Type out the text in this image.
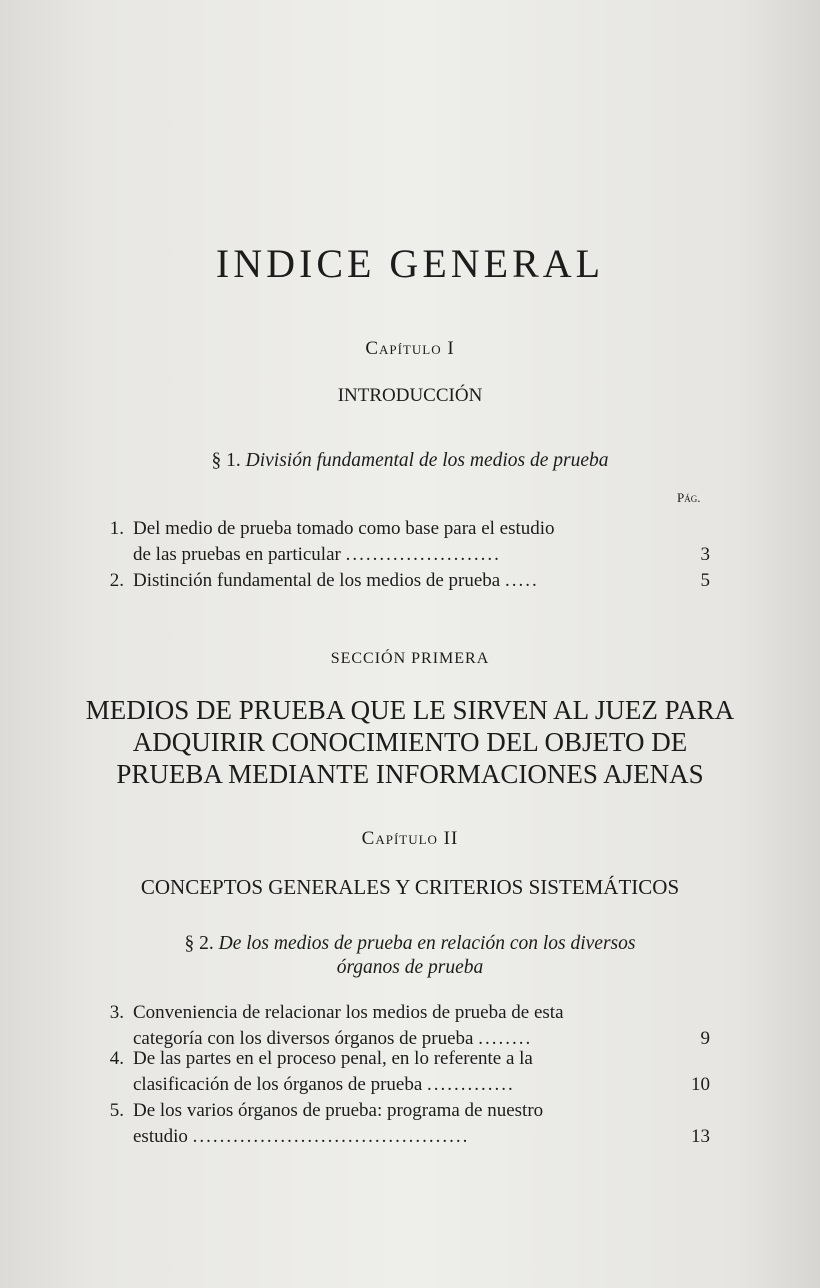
INDICE GENERAL
Capítulo I
INTRODUCCIÓN
§ 1. División fundamental de los medios de prueba
Pág.
1. Del medio de prueba tomado como base para el estudio
de las pruebas en particular .......................	3
2. Distinción fundamental de los medios de prueba .....	5
SECCIÓN PRIMERA
MEDIOS DE PRUEBA QUE LE SIRVEN AL JUEZ PARA
ADQUIRIR CONOCIMIENTO DEL OBJETO DE
PRUEBA MEDIANTE INFORMACIONES AJENAS
Capítulo II
CONCEPTOS GENERALES Y CRITERIOS SISTEMÁTICOS
§ 2. De los medios de prueba en relación con los diversos
órganos de prueba
3. Conveniencia de relacionar los medios de prueba de esta
categoría con los diversos órganos de prueba ........	9
4. De las partes en el proceso penal, en lo referente a la
clasificación de los órganos de prueba .............	10
5. De los varios órganos de prueba: programa de nuestro
estudio .........................................	13
